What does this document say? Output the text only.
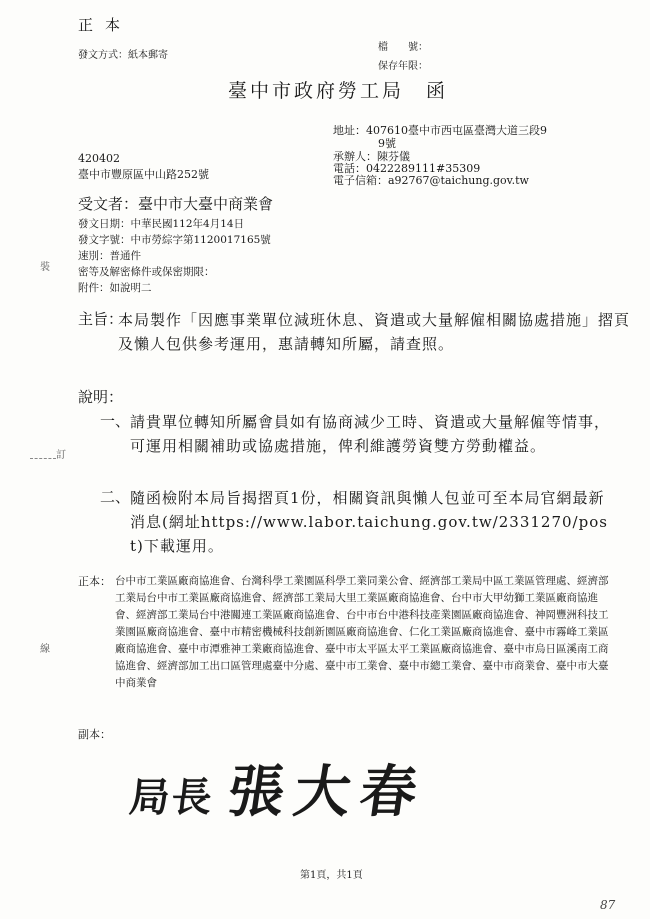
正本
發文方式：紙本郵寄
檔　　號：
保存年限：
臺中市政府勞工局　函
地址：407610臺中市西屯區臺灣大道三段9
9號
承辦人：陳芬儀
電話：0422289111#35309
電子信箱：a92767@taichung.gov.tw
420402
臺中市豐原區中山路252號
受文者：臺中市大臺中商業會
發文日期：中華民國112年4月14日
發文字號：中市勞綜字第1120017165號
速別：普通件
密等及解密條件或保密期限：
附件：如說明二
主旨：
本局製作「因應事業單位減班休息、資遣或大量解僱相關協處措施」摺頁及懶人包供參考運用，惠請轉知所屬，請查照。
說明：
一、 請貴單位轉知所屬會員如有協商減少工時、資遣或大量解僱等情事，可運用相關補助或協處措施，俾利維護勞資雙方勞動權益。
二、 隨函檢附本局旨揭摺頁1份，相關資訊與懶人包並可至本局官網最新消息(網址https://www.labor.taichung.gov.tw/2331270/post)下載運用。
正本： 台中市工業區廠商協進會、台灣科學工業園區科學工業同業公會、經濟部工業局中區工業區管理處、經濟部工業局台中市工業區廠商協進會、經濟部工業局大里工業區廠商協進會、台中市大甲幼獅工業區廠商協進會、經濟部工業局台中港關連工業區廠商協進會、台中市台中港科技產業園區廠商協進會、神岡豐洲科技工業園區廠商協進會、臺中市精密機械科技創新園區廠商協進會、仁化工業區廠商協進會、臺中市霧峰工業區廠商協進會、臺中市潭雅神工業廠商協進會、臺中市太平區太平工業區廠商協進會、臺中市烏日區溪南工商協進會、經濟部加工出口區管理處臺中分處、臺中市工業會、臺中市總工業會、臺中市商業會、臺中市大臺中商業會
副本：
裝
訂
線
局長 張大春
第1頁，共1頁
87
